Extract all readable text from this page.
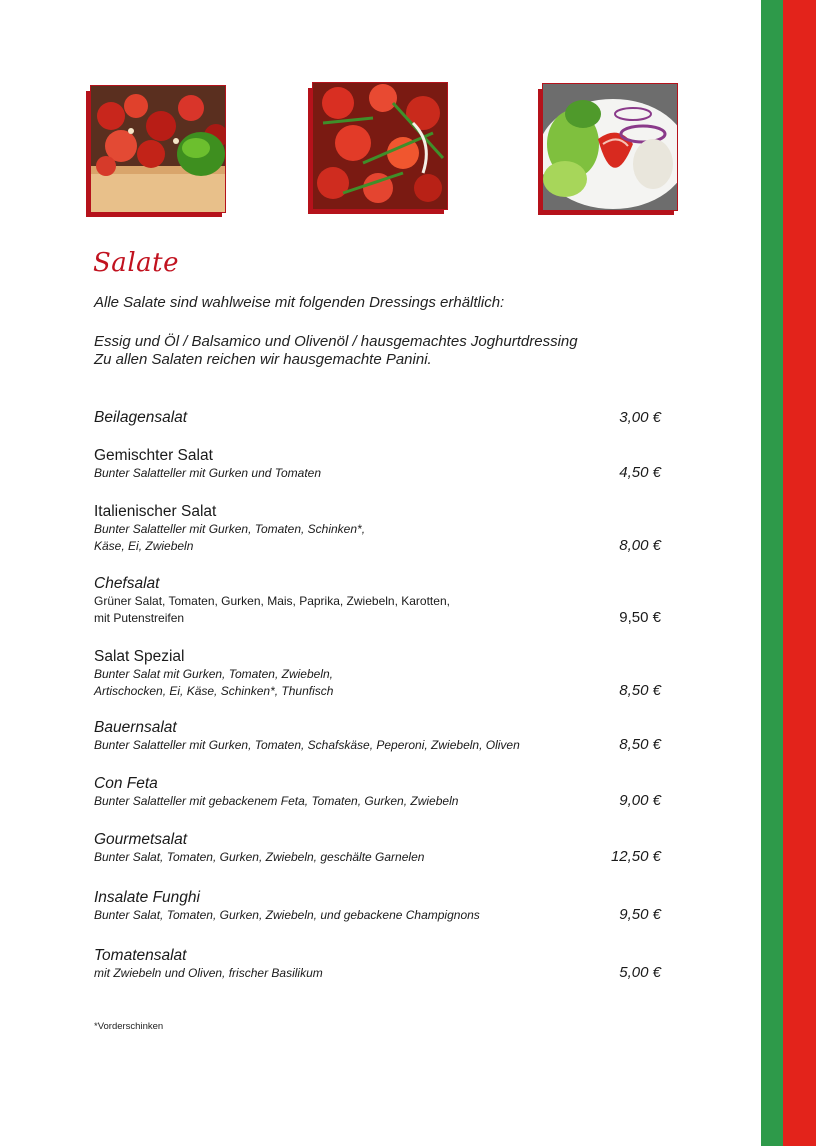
Salate

Alle Salate sind wahlweise mit folgenden Dressings erhältlich:

Essig und Öl / Balsamico und Olivenöl / hausgemachtes Joghurtdressing

Zu allen Salaten reichen wir hausgemachte Panini.

Beilagensalat	3,00 €
Gemischter Salat
Bunter Salatteller mit Gurken und Tomaten	4,50 €
Italienischer Salat
Bunter Salatteller mit Gurken, Tomaten, Schinken*,
Käse, Ei, Zwiebeln	8,00 €
Chefsalat
Grüner Salat, Tomaten, Gurken, Mais, Paprika, Zwiebeln, Karotten,
mit Putenstreifen	9,50 €
Salat Spezial
Bunter Salat mit Gurken, Tomaten, Zwiebeln,
Artischocken, Ei, Käse, Schinken*, Thunfisch	8,50 €
Bauernsalat
Bunter Salatteller mit Gurken, Tomaten, Schafskäse, Peperoni, Zwiebeln, Oliven	8,50 €
Con Feta
Bunter Salatteller mit gebackenem Feta, Tomaten, Gurken, Zwiebeln	9,00 €
Gourmetsalat
Bunter Salat, Tomaten, Gurken, Zwiebeln, geschälte Garnelen	12,50 €
Insalate Funghi
Bunter Salat, Tomaten, Gurken, Zwiebeln, und gebackene Champignons	9,50 €
Tomatensalat
mit Zwiebeln und Oliven, frischer Basilikum	5,00 €
*Vorderschinken
